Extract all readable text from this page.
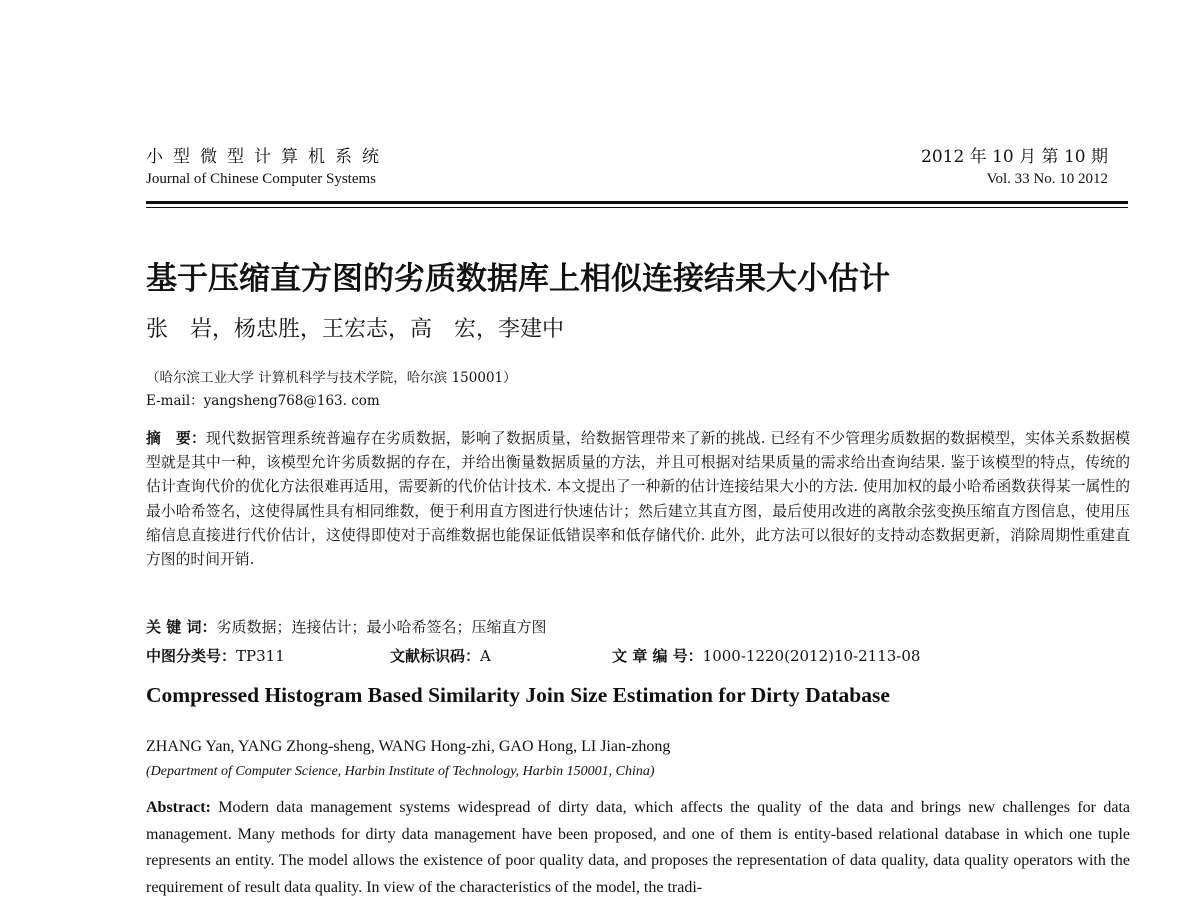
小型微型计算机系统
Journal of Chinese Computer Systems
2012 年 10 月 第 10 期
Vol. 33 No. 10 2012
基于压缩直方图的劣质数据库上相似连接结果大小估计
张　岩，杨忠胜，王宏志，高　宏，李建中
（哈尔滨工业大学 计算机科学与技术学院，哈尔滨 150001）
E-mail：yangsheng768@163. com
摘　要：现代数据管理系统普遍存在劣质数据，影响了数据质量，给数据管理带来了新的挑战. 已经有不少管理劣质数据的数据模型，实体关系数据模型就是其中一种，该模型允许劣质数据的存在，并给出衡量数据质量的方法，并且可根据对结果质量的需求给出查询结果. 鉴于该模型的特点，传统的估计查询代价的优化方法很难再适用，需要新的代价估计技术. 本文提出了一种新的估计连接结果大小的方法. 使用加权的最小哈希函数获得某一属性的最小哈希签名，这使得属性具有相同维数，便于利用直方图进行快速估计；然后建立其直方图，最后使用改进的离散余弦变换压缩直方图信息，使用压缩信息直接进行代价估计，这使得即使对于高维数据也能保证低错误率和低存储代价. 此外，此方法可以很好的支持动态数据更新，消除周期性重建直方图的时间开销.
关 键 词：劣质数据；连接估计；最小哈希签名；压缩直方图
中图分类号：TP311	文献标识码：A	文 章 编 号：1000-1220(2012)10-2113-08
Compressed Histogram Based Similarity Join Size Estimation for Dirty Database
ZHANG Yan, YANG Zhong-sheng, WANG Hong-zhi, GAO Hong, LI Jian-zhong
(Department of Computer Science, Harbin Institute of Technology, Harbin 150001, China)
Abstract: Modern data management systems widespread of dirty data, which affects the quality of the data and brings new challenges for data management. Many methods for dirty data management have been proposed, and one of them is entity-based relational database in which one tuple represents an entity. The model allows the existence of poor quality data, and proposes the representation of data quality, data quality operators with the requirement of result data quality. In view of the characteristics of the model, the tradi-
